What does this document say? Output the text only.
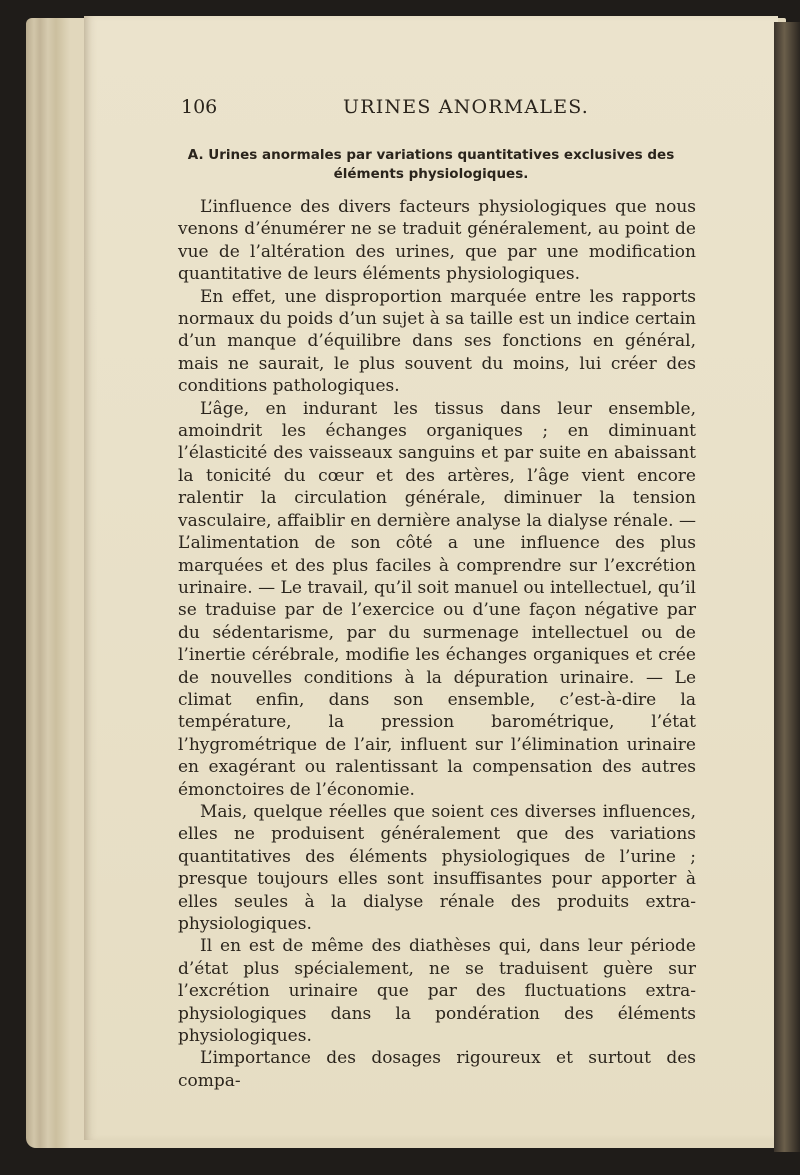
106	URINES ANORMALES.
A. Urines anormales par variations quantitatives exclusives des éléments physiologiques.

L’influence des divers facteurs physiologiques que nous venons d’énumérer ne se traduit généralement, au point de vue de l’altération des urines, que par une modification quantitative de leurs éléments physiologiques.

En effet, une disproportion marquée entre les rapports normaux du poids d’un sujet à sa taille est un indice certain d’un manque d’équilibre dans ses fonctions en général, mais ne saurait, le plus souvent du moins, lui créer des conditions pathologiques.

L’âge, en indurant les tissus dans leur ensemble, amoindrit les échanges organiques ; en diminuant l’élasticité des vaisseaux sanguins et par suite en abaissant la tonicité du cœur et des artères, l’âge vient encore ralentir la circulation générale, diminuer la tension vasculaire, affaiblir en dernière analyse la dialyse rénale. — L’alimentation de son côté a une influence des plus marquées et des plus faciles à comprendre sur l’excrétion urinaire. — Le travail, qu’il soit manuel ou intellectuel, qu’il se traduise par de l’exercice ou d’une façon négative par du sédentarisme, par du surmenage intellectuel ou de l’inertie cérébrale, modifie les échanges organiques et crée de nouvelles conditions à la dépuration urinaire. — Le climat enfin, dans son ensemble, c’est-à-dire la température, la pression barométrique, l’état l’hygrométrique de l’air, influent sur l’élimination urinaire en exagérant ou ralentissant la compensation des autres émonctoires de l’économie.

Mais, quelque réelles que soient ces diverses influences, elles ne produisent généralement que des variations quantitatives des éléments physiologiques de l’urine ; presque toujours elles sont insuffisantes pour apporter à elles seules à la dialyse rénale des produits extra-physiologiques.

Il en est de même des diathèses qui, dans leur période d’état plus spécialement, ne se traduisent guère sur l’excrétion urinaire que par des fluctuations extra-physiologiques dans la pondération des éléments physiologiques.

L’importance des dosages rigoureux et surtout des compa-
